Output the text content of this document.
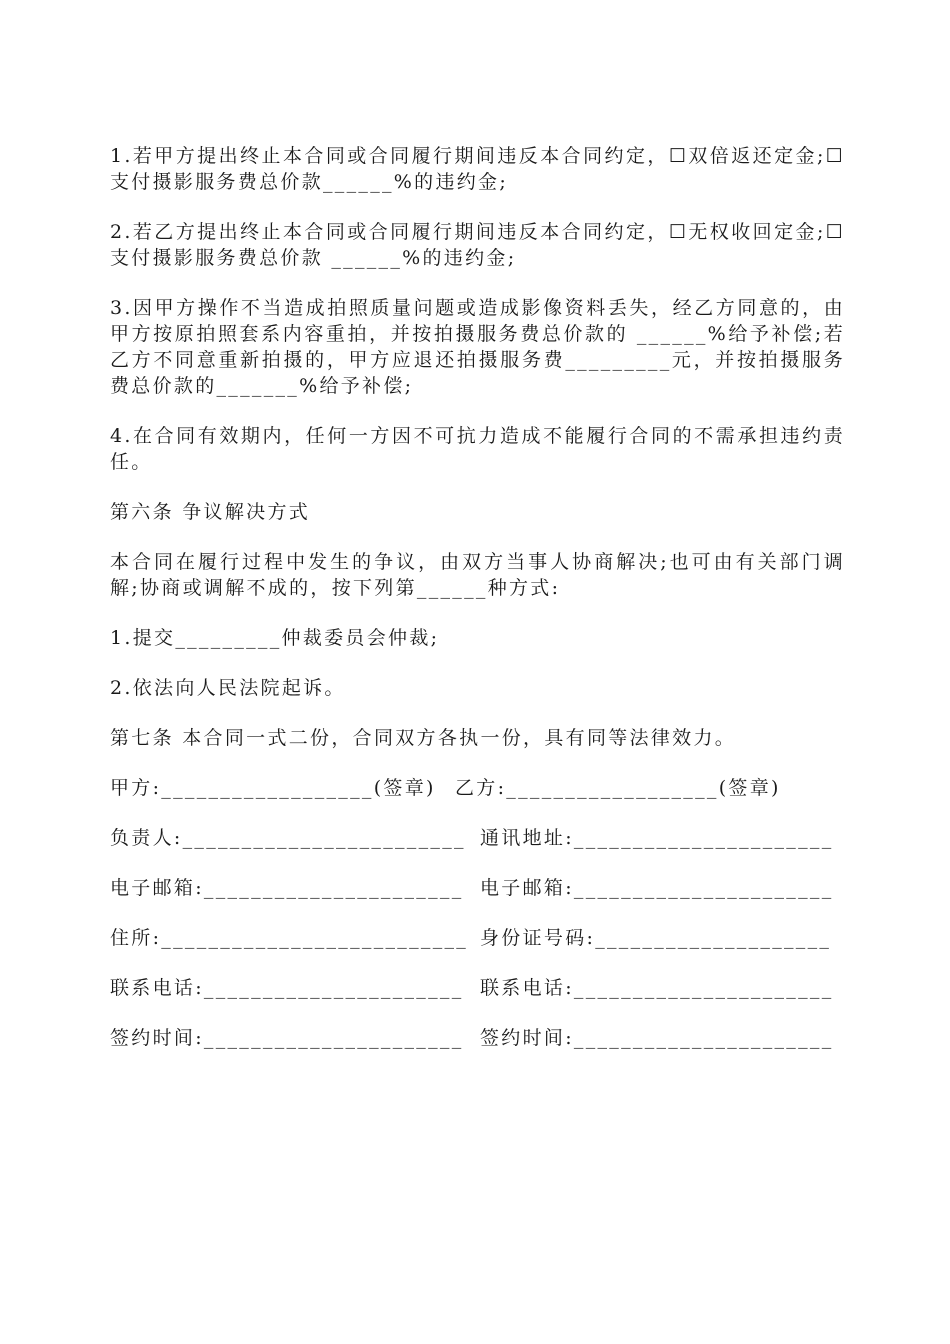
1.若甲方提出终止本合同或合同履行期间违反本合同约定，☐双倍返还定金;☐支付摄影服务费总价款______%的违约金;

2.若乙方提出终止本合同或合同履行期间违反本合同约定，☐无权收回定金;☐支付摄影服务费总价款 ______%的违约金;

3.因甲方操作不当造成拍照质量问题或造成影像资料丢失，经乙方同意的，由甲方按原拍照套系内容重拍，并按拍摄服务费总价款的 ______%给予补偿;若乙方不同意重新拍摄的，甲方应退还拍摄服务费_________元，并按拍摄服务费总价款的_______%给予补偿;

4.在合同有效期内，任何一方因不可抗力造成不能履行合同的不需承担违约责任。

第六条 争议解决方式

本合同在履行过程中发生的争议，由双方当事人协商解决;也可由有关部门调解;协商或调解不成的，按下列第______种方式:

1.提交_________仲裁委员会仲裁;

2.依法向人民法院起诉。

第七条 本合同一式二份，合同双方各执一份，具有同等法律效力。

甲方:__________________(签章)

乙方:__________________(签章)

负责人:________________________

通讯地址:______________________

电子邮箱:______________________

电子邮箱:______________________

住所:__________________________

身份证号码:____________________

联系电话:______________________

联系电话:______________________

签约时间:______________________

签约时间:______________________
